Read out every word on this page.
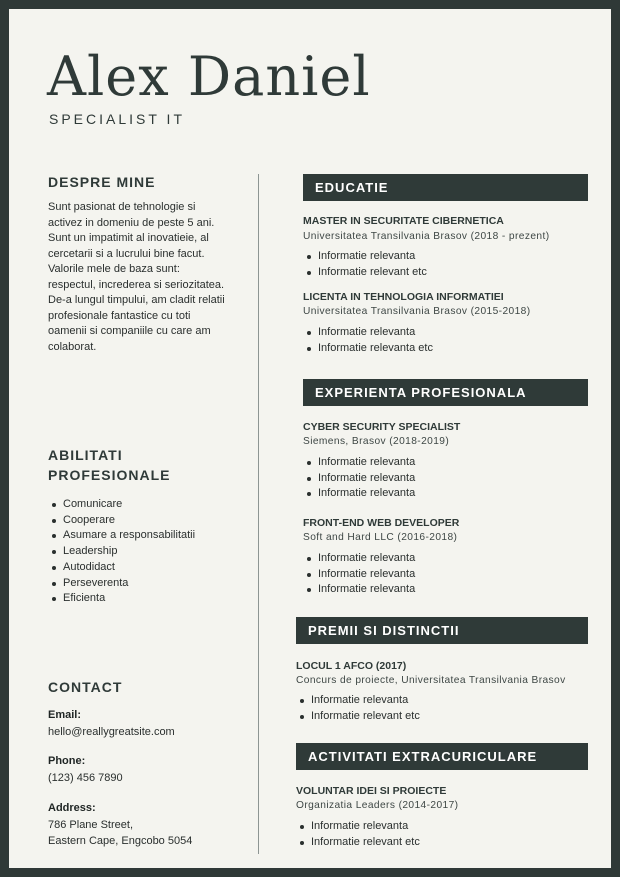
Alex Daniel
SPECIALIST IT
DESPRE MINE
Sunt pasionat de tehnologie si activez in domeniu de peste 5 ani. Sunt un impatimit al inovatieie, al cercetarii si a lucrului bine facut. Valorile mele de baza sunt: respectul, increderea si seriozitatea. De-a lungul timpului, am cladit relatii profesionale fantastice cu toti oamenii si companiile cu care am colaborat.
ABILITATI
PROFESIONALE
Comunicare
Cooperare
Asumare a responsabilitatii
Leadership
Autodidact
Perseverenta
Eficienta
CONTACT
Email:
hello@reallygreatsite.com
Phone:
(123) 456 7890
Address:
786 Plane Street,
Eastern Cape, Engcobo 5054
EDUCATIE
MASTER IN SECURITATE CIBERNETICA
Universitatea Transilvania Brasov (2018 - prezent)
Informatie relevanta
Informatie relevant etc
LICENTA IN TEHNOLOGIA INFORMATIEI
Universitatea Transilvania Brasov (2015-2018)
Informatie relevanta
Informatie relevanta etc
EXPERIENTA PROFESIONALA
CYBER SECURITY SPECIALIST
Siemens, Brasov (2018-2019)
Informatie relevanta
Informatie relevanta
Informatie relevanta
FRONT-END WEB DEVELOPER
Soft and Hard LLC (2016-2018)
Informatie relevanta
Informatie relevanta
Informatie relevanta
PREMII SI DISTINCTII
LOCUL 1 AFCO (2017)
Concurs de proiecte, Universitatea Transilvania Brasov
Informatie relevanta
Informatie relevant etc
ACTIVITATI EXTRACURICULARE
VOLUNTAR IDEI SI PROIECTE
Organizatia Leaders (2014-2017)
Informatie relevanta
Informatie relevant etc
